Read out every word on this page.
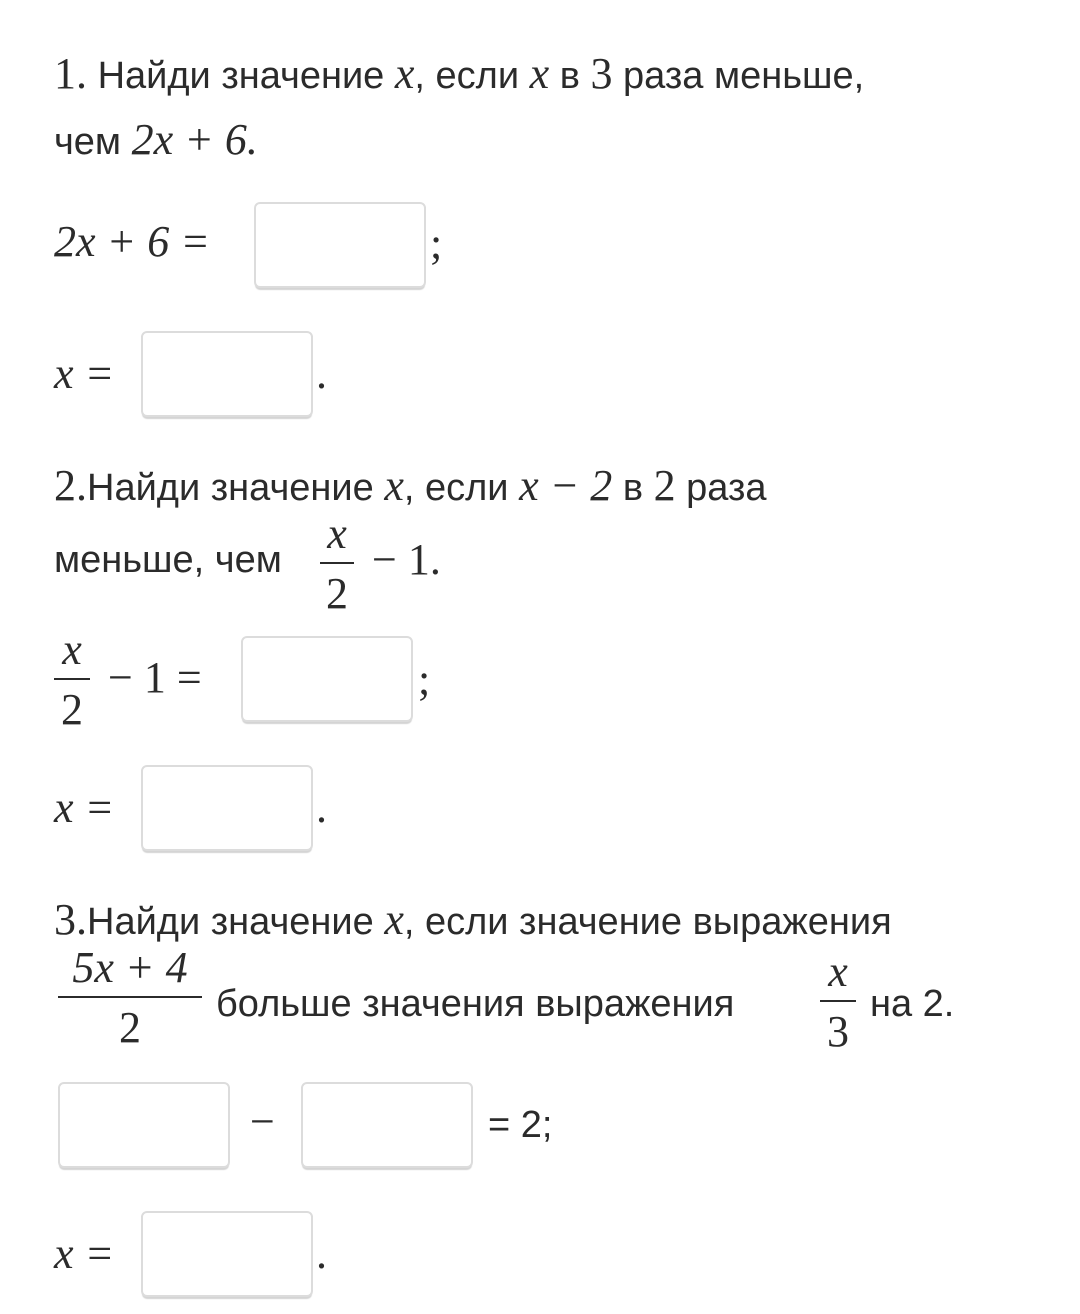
1. Найди значение x, если x в 3 раза меньше,
чем 2x + 6.
2x + 6 =	;
x =	.
2.Найди значение x, если x − 2 в 2 раза
меньше, чем
x
2
− 1.
x
2
− 1 =	;
x =	.
3.Найди значение x, если значение выражения
5x + 4
2 больше значения выражения
x
3
на 2.
−	= 2;
x =	.
